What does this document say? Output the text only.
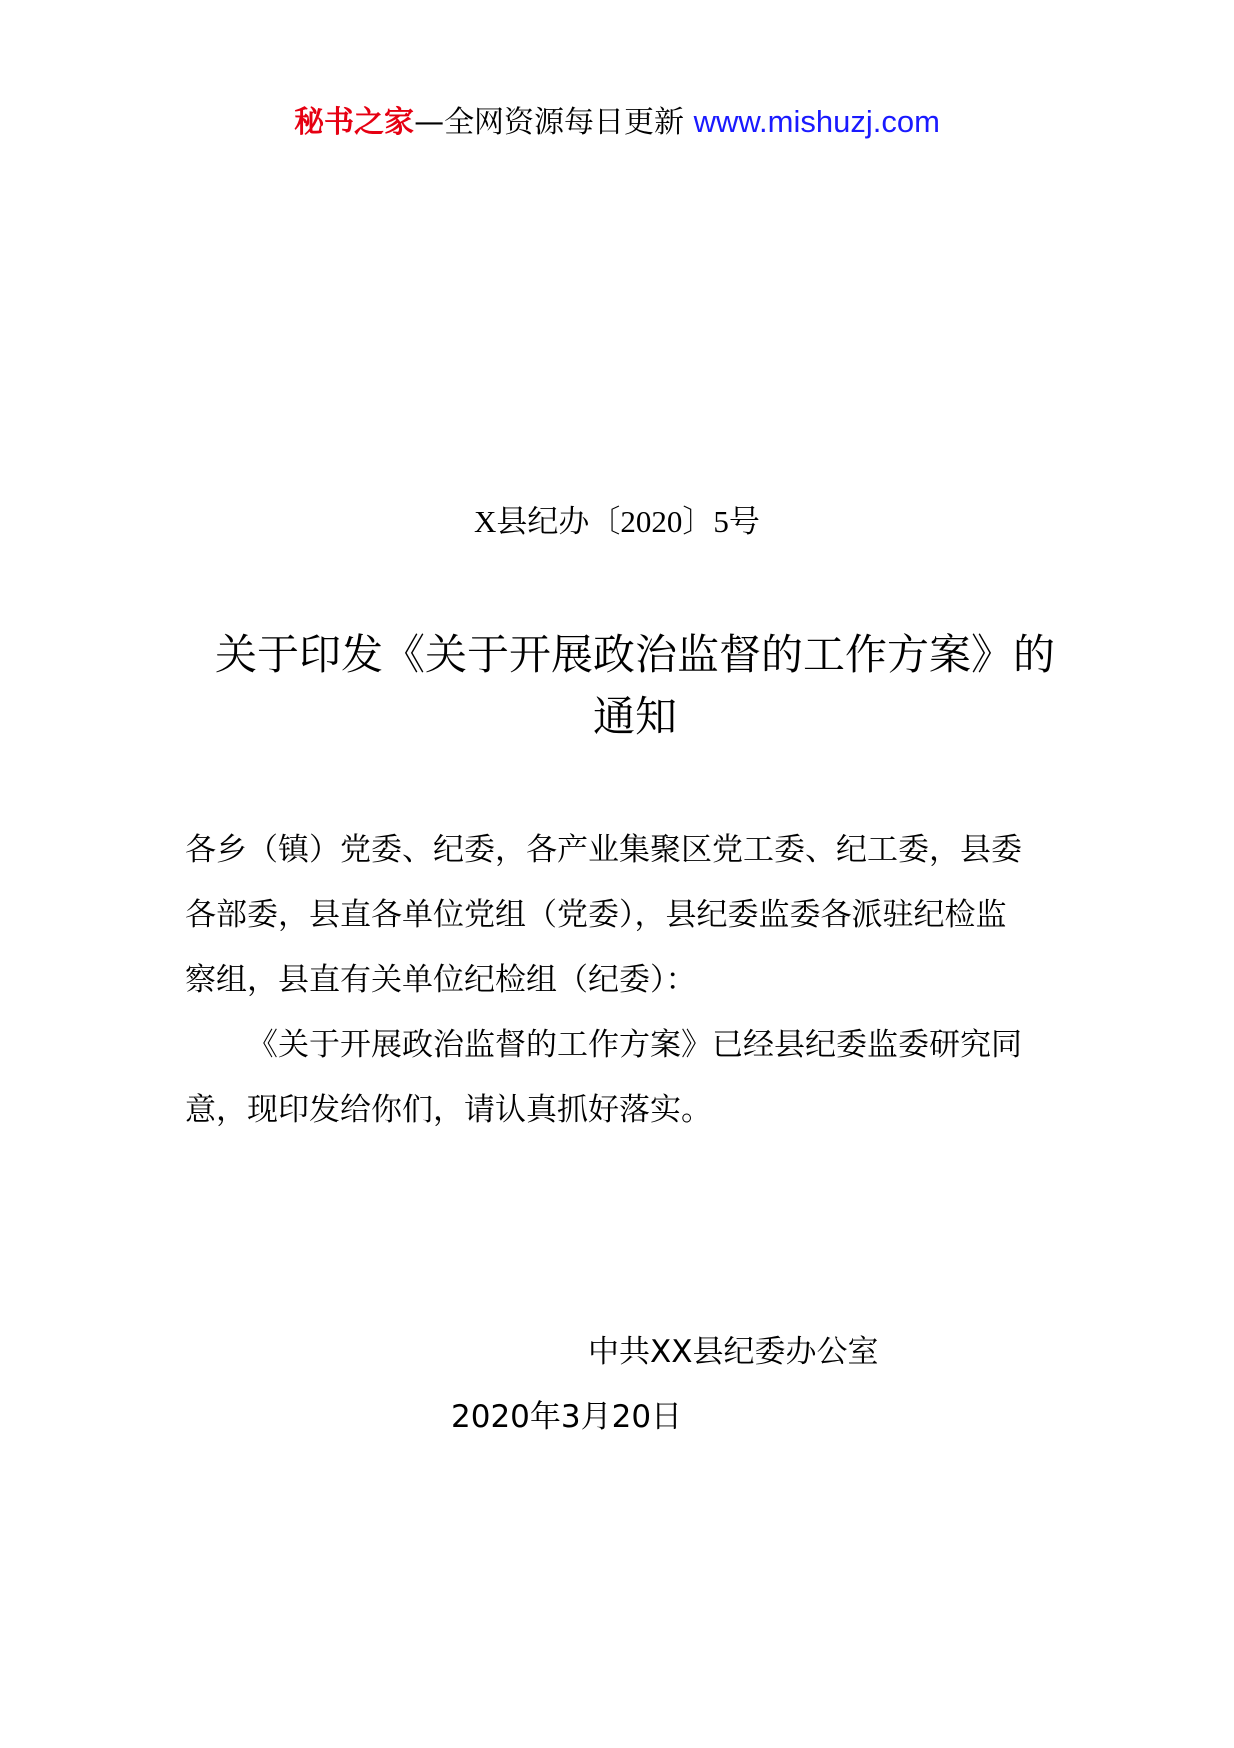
秘书之家—全网资源每日更新 www.mishuzj.com
X县纪办〔2020〕5号
关于印发《关于开展政治监督的工作方案》的
通知

各乡（镇）党委、纪委，各产业集聚区党工委、纪工委，县委

各部委，县直各单位党组（党委），县纪委监委各派驻纪检监

察组，县直有关单位纪检组（纪委）：

《关于开展政治监督的工作方案》已经县纪委监委研究同

意，现印发给你们，请认真抓好落实。

中共XX县纪委办公室
2020年3月20日
